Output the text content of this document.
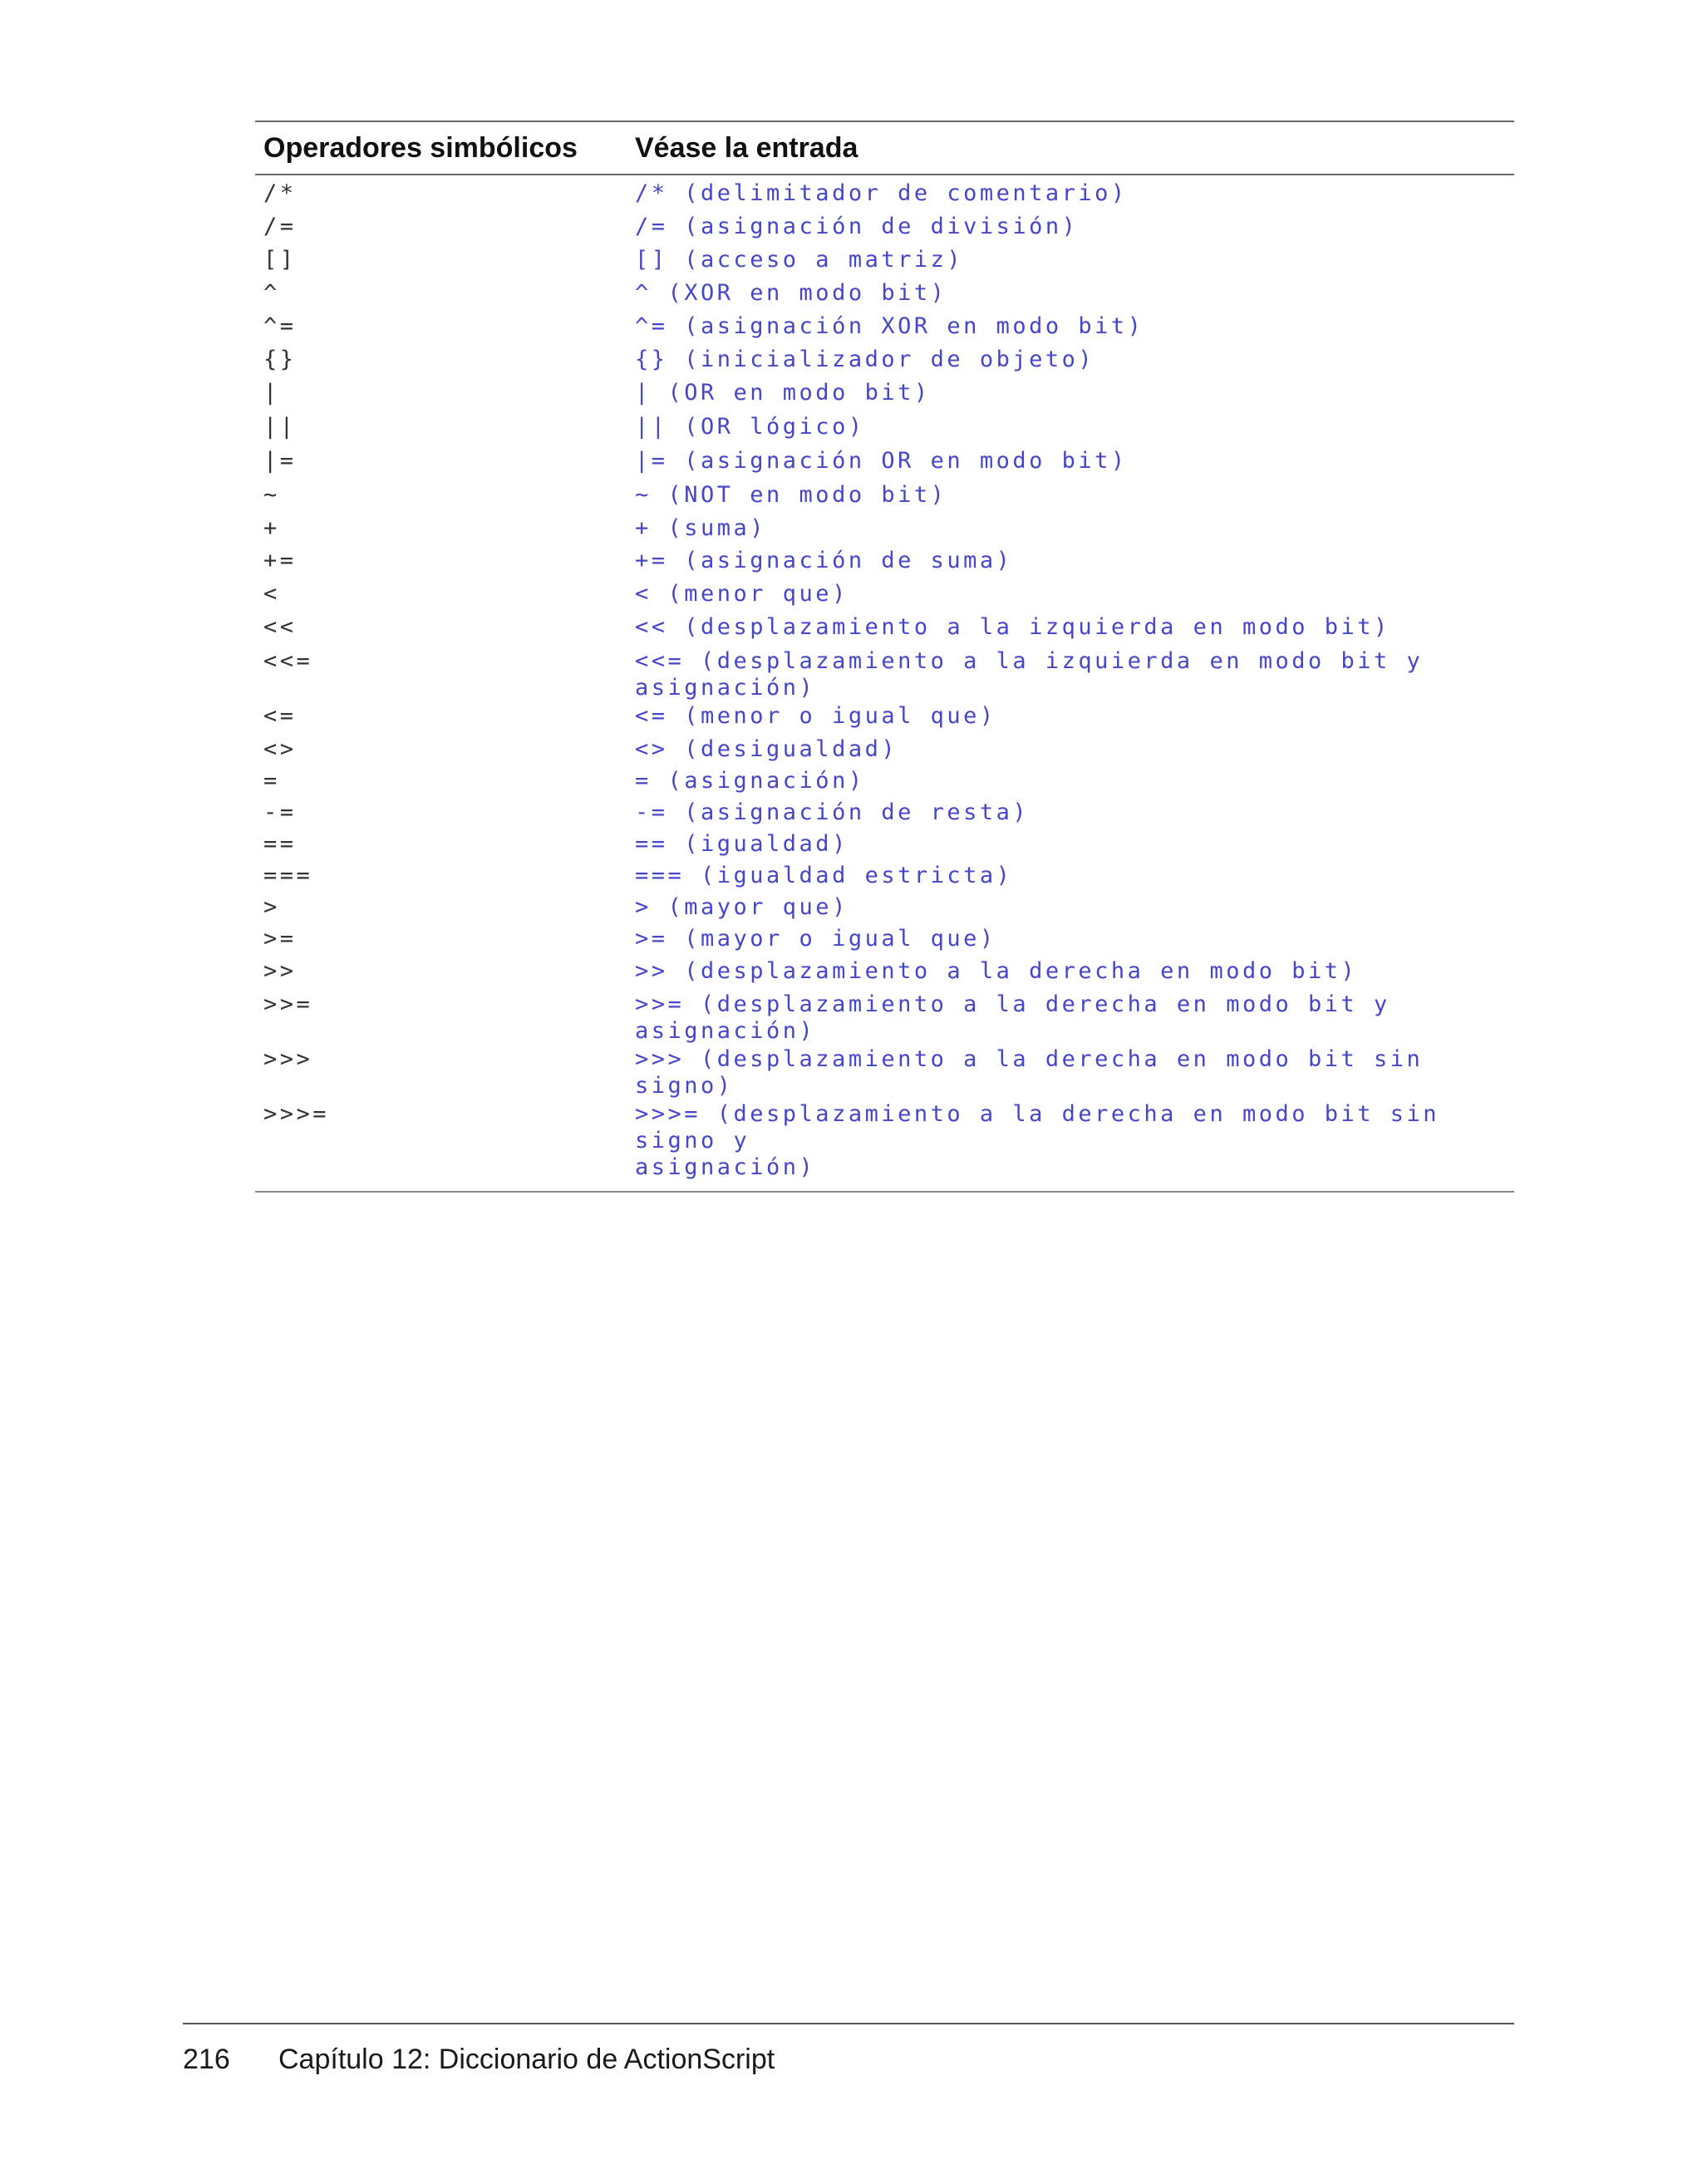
Operadores simbólicos	Véase la entrada
/*	/* (delimitador de comentario)
/=	/= (asignación de división)
[]	[] (acceso a matriz)
^	^ (XOR en modo bit)
^=	^= (asignación XOR en modo bit)
{}	{} (inicializador de objeto)
|	| (OR en modo bit)
||	|| (OR lógico)
|=	|= (asignación OR en modo bit)
~	~ (NOT en modo bit)
+	+ (suma)
+=	+= (asignación de suma)
<	< (menor que)
<<	<< (desplazamiento a la izquierda en modo bit)
<<=	<<= (desplazamiento a la izquierda en modo bit y asignación)
<=	<= (menor o igual que)
<>	<> (desigualdad)
=	= (asignación)
-=	-= (asignación de resta)
==	== (igualdad)
===	=== (igualdad estricta)
>	> (mayor que)
>=	>= (mayor o igual que)
>>	>> (desplazamiento a la derecha en modo bit)
>>=	>>= (desplazamiento a la derecha en modo bit y asignación)
>>>	>>> (desplazamiento a la derecha en modo bit sin signo)
>>>=	>>>= (desplazamiento a la derecha en modo bit sin signo y
asignación)
216 Capítulo 12: Diccionario de ActionScript
